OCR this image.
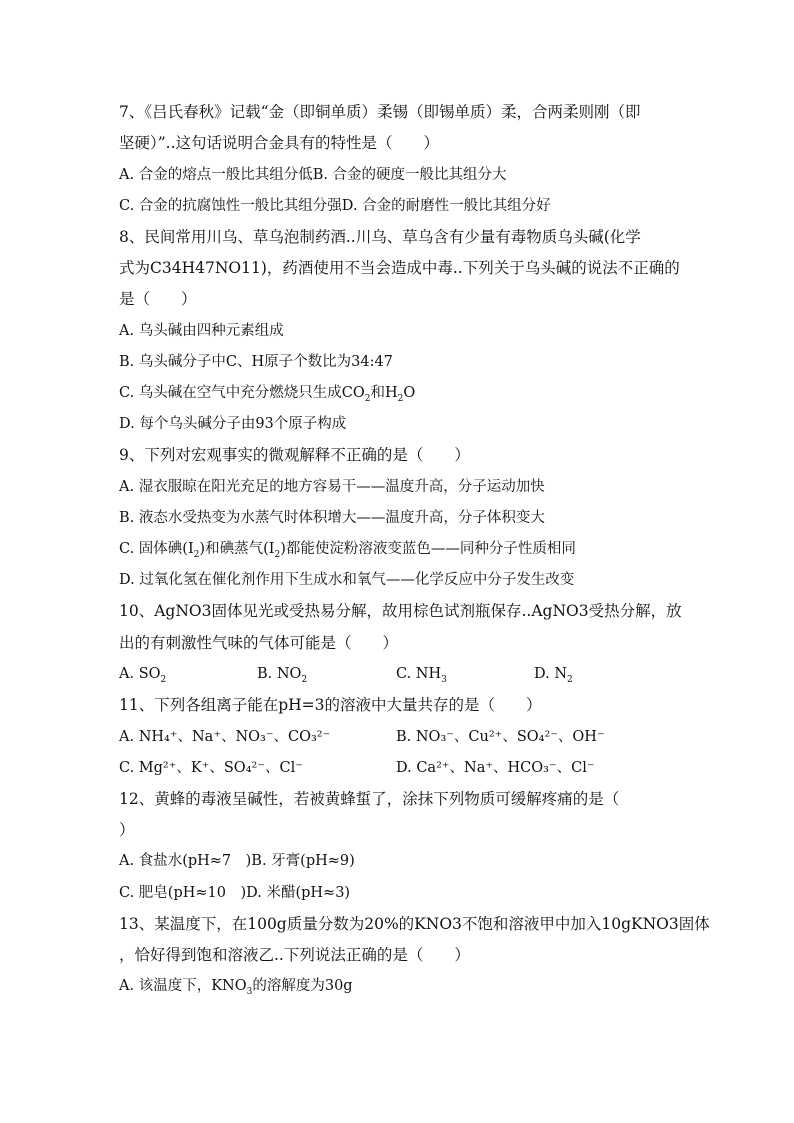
7、《吕氏春秋》记载“金（即铜单质）柔锡（即锡单质）柔，合两柔则刚（即
坚硬）”..这句话说明合金具有的特性是（　　）
A. 合金的熔点一般比其组分低B. 合金的硬度一般比其组分大
C. 合金的抗腐蚀性一般比其组分强D. 合金的耐磨性一般比其组分好
8、民间常用川乌、草乌泡制药酒..川乌、草乌含有少量有毒物质乌头碱(化学
式为C34H47NO11)，药酒使用不当会造成中毒..下列关于乌头碱的说法不正确的
是（　　）
A. 乌头碱由四种元素组成
B. 乌头碱分子中C、H原子个数比为34:47
C. 乌头碱在空气中充分燃烧只生成$CO_2$和$H_2O$
D. 每个乌头碱分子由93个原子构成
9、下列对宏观事实的微观解释不正确的是（　　）
A. 湿衣服晾在阳光充足的地方容易干——温度升高，分子运动加快
B. 液态水受热变为水蒸气时体积增大——温度升高，分子体积变大
C. 固体碘$(I_2)$和碘蒸气$(I_2)$都能使淀粉溶液变蓝色——同种分子性质相同
D. 过氧化氢在催化剂作用下生成水和氧气——化学反应中分子发生改变
10、AgNO3固体见光或受热易分解，故用棕色试剂瓶保存..AgNO3受热分解，放
出的有刺激性气味的气体可能是（　　）
A. $SO_2$	B. $NO_2$	C. $NH_3$	D. $N_2$
11、下列各组离子能在pH=3的溶液中大量共存的是（　　）
A. NH₄⁺、Na⁺、NO₃⁻、CO₃²⁻	B. NO₃⁻、Cu²⁺、SO₄²⁻、OH⁻
C. Mg²⁺、K⁺、SO₄²⁻、Cl⁻	D. Ca²⁺、Na⁺、HCO₃⁻、Cl⁻
12、黄蜂的毒液呈碱性，若被黄蜂蜇了，涂抹下列物质可缓解疼痛的是（
）
A. 食盐水(pH≈7　)B. 牙膏(pH≈9)
C. 肥皂(pH≈10　)D. 米醋(pH≈3)
13、某温度下，在100g质量分数为20%的KNO3不饱和溶液甲中加入10gKNO3固体
，恰好得到饱和溶液乙..下列说法正确的是（　　）
A. 该温度下，$KNO_3$的溶解度为30g
